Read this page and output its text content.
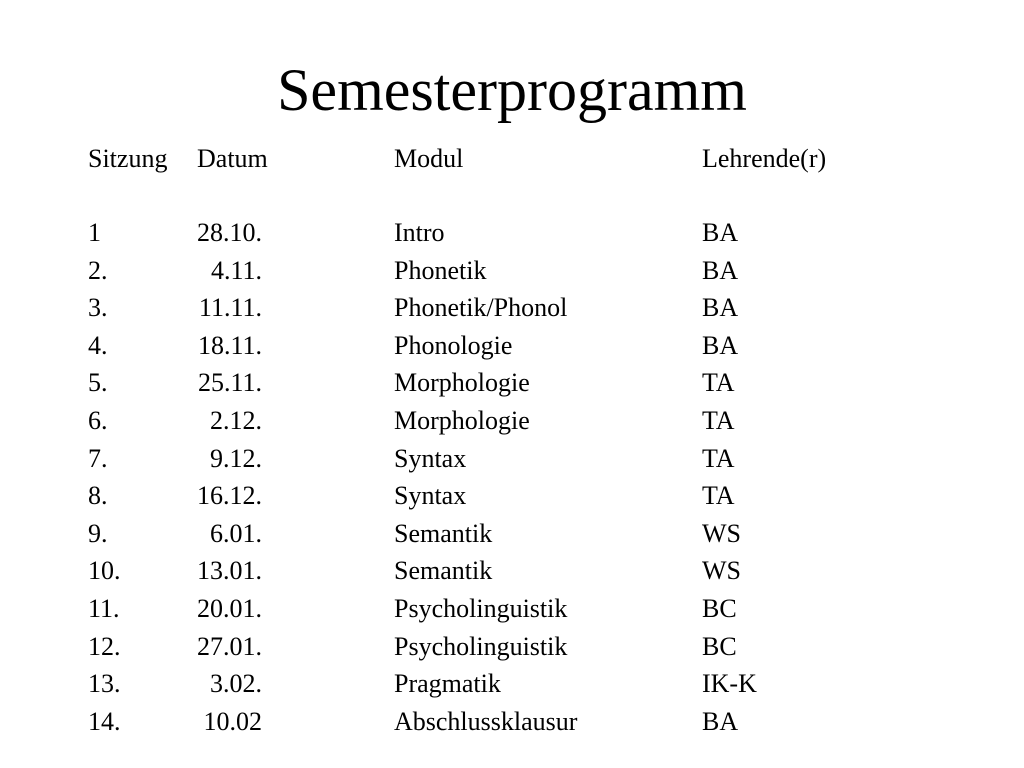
Semesterprogramm
Sitzung Datum	Modul	Lehrende(r)
1	28.10.	Intro	BA
2.	4.11.	Phonetik	BA
3.	11.11.	Phonetik/Phonol	BA
4.	18.11.	Phonologie	BA
5.	25.11.	Morphologie	TA
6.	2.12.	Morphologie	TA
7.	9.12.	Syntax	TA
8.	16.12.	Syntax	TA
9.	6.01.	Semantik	WS
10.	13.01.	Semantik	WS
11.	20.01.	Psycholinguistik	BC
12.	27.01.	Psycholinguistik	BC
13.	3.02.	Pragmatik	IK-K
14.	10.02	Abschlussklausur	BA
